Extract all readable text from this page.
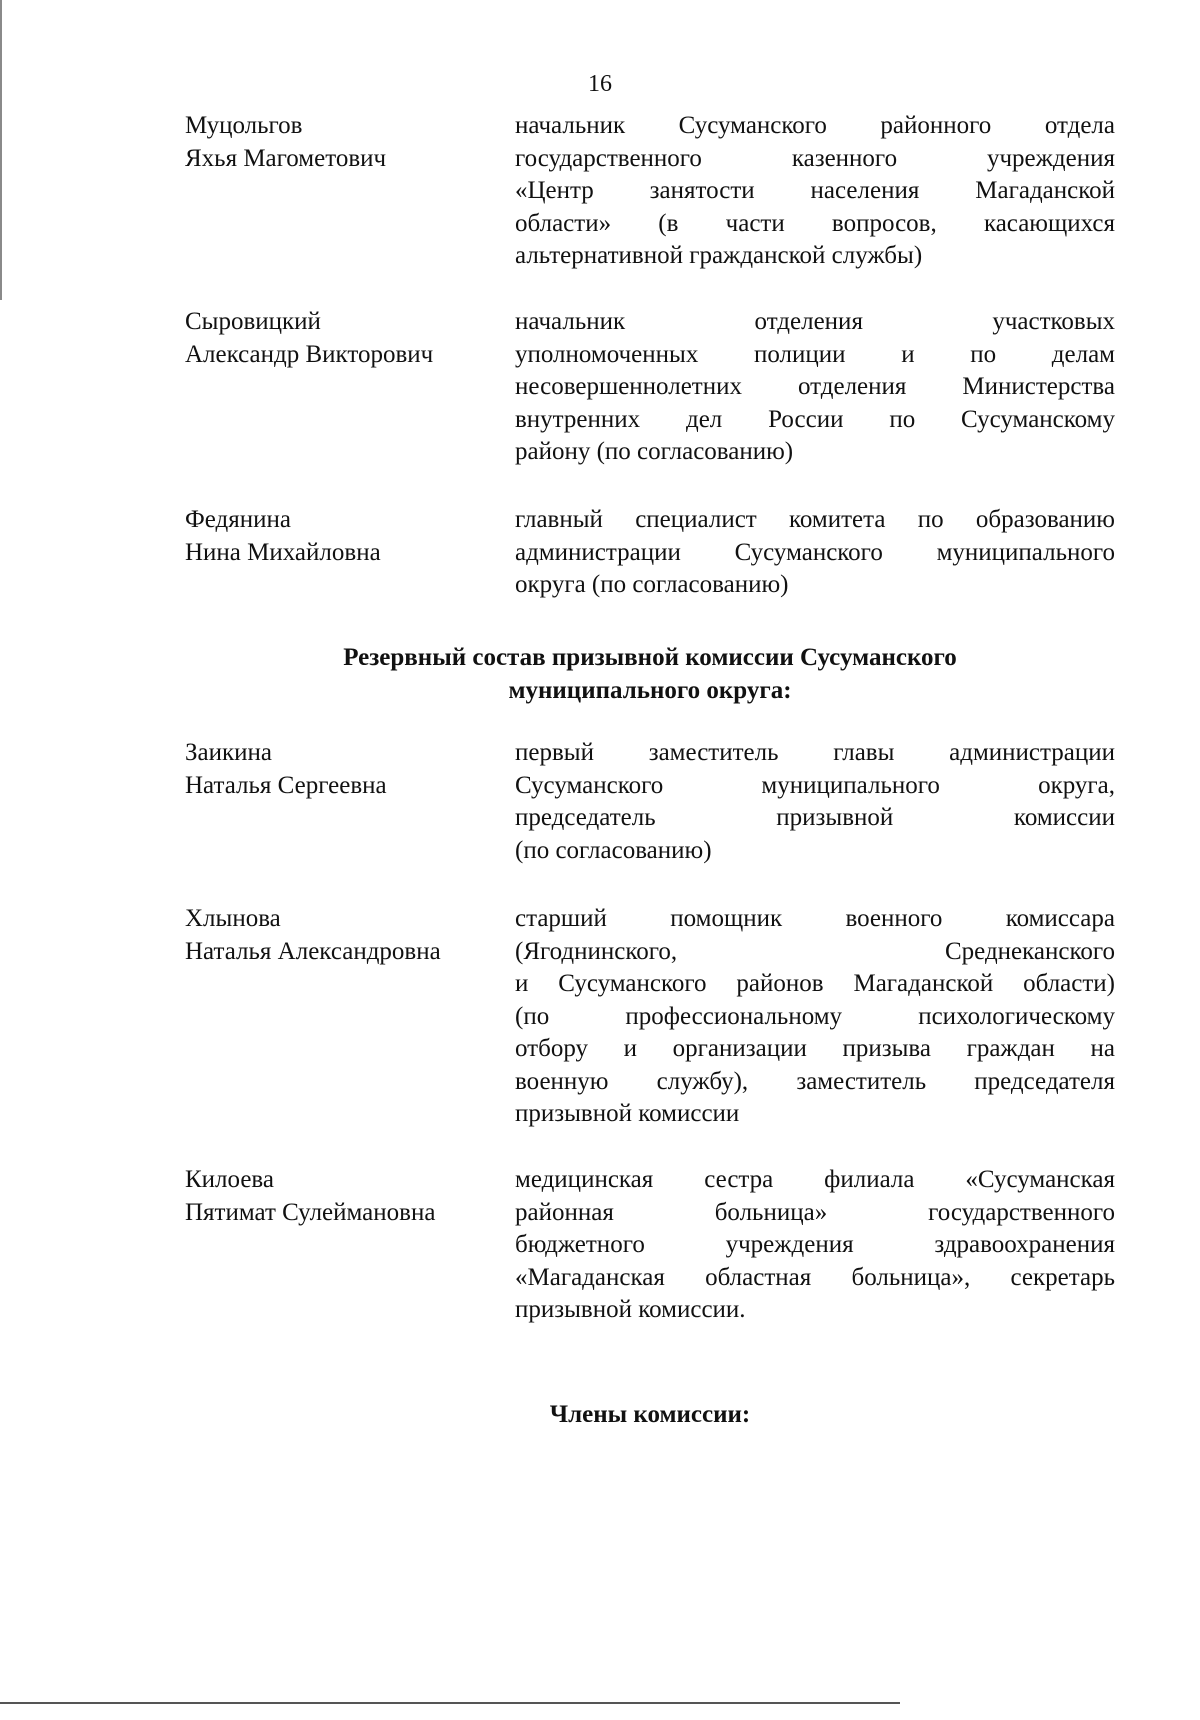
16
Муцольгов
Яхья Магометович
начальник Сусуманского районного отдела
государственного казенного учреждения
«Центр занятости населения Магаданской
области» (в части вопросов, касающихся
альтернативной гражданской службы)
Сыровицкий
Александр Викторович
начальник отделения участковых
уполномоченных полиции и по делам
несовершеннолетних отделения Министерства
внутренних дел России по Сусуманскому
району (по согласованию)
Федянина
Нина Михайловна
главный специалист комитета по образованию
администрации Сусуманского муниципального
округа (по согласованию)
Резервный состав призывной комиссии Сусуманского
муниципального округа:
Заикина
Наталья Сергеевна
первый заместитель главы администрации
Сусуманского муниципального округа,
председатель призывной комиссии
(по согласованию)
Хлынова
Наталья Александровна
старший помощник военного комиссара
(Ягоднинского, Среднеканского
и Сусуманского районов Магаданской области)
(по профессиональному психологическому
отбору и организации призыва граждан на
военную службу), заместитель председателя
призывной комиссии
Килоева
Пятимат Сулеймановна
медицинская сестра филиала «Сусуманская
районная больница» государственного
бюджетного учреждения здравоохранения
«Магаданская областная больница», секретарь
призывной комиссии.
Члены комиссии:
